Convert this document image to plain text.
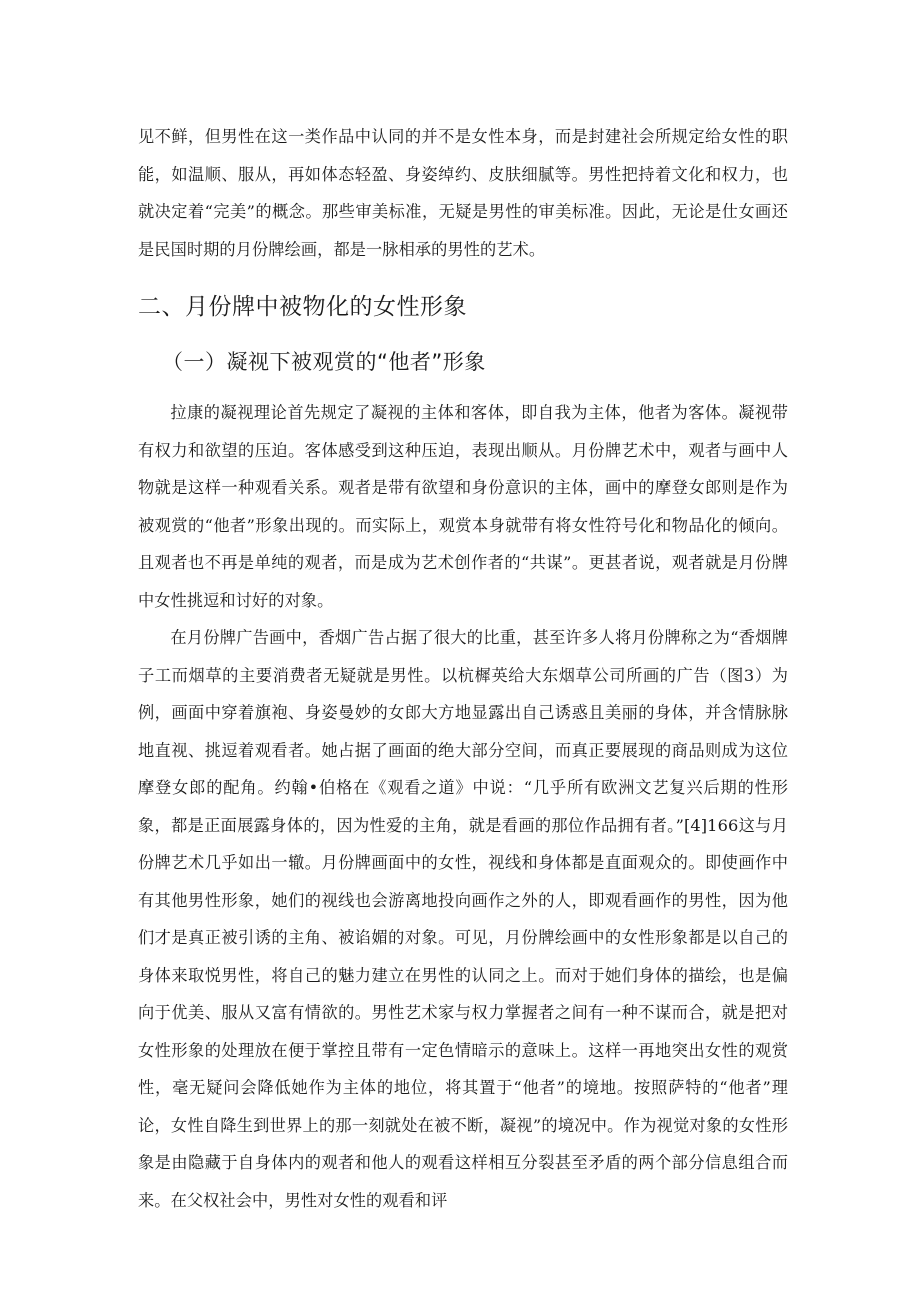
见不鲜，但男性在这一类作品中认同的并不是女性本身，而是封建社会所规定给女性的职能，如温顺、服从，再如体态轻盈、身姿绰约、皮肤细腻等。男性把持着文化和权力，也就决定着“完美”的概念。那些审美标准，无疑是男性的审美标准。因此，无论是仕女画还是民国时期的月份牌绘画，都是一脉相承的男性的艺术。

二、月份牌中被物化的女性形象
（一）凝视下被观赏的“他者”形象

拉康的凝视理论首先规定了凝视的主体和客体，即自我为主体，他者为客体。凝视带有权力和欲望的压迫。客体感受到这种压迫，表现出顺从。月份牌艺术中，观者与画中人物就是这样一种观看关系。观者是带有欲望和身份意识的主体，画中的摩登女郎则是作为被观赏的“他者”形象出现的。而实际上，观赏本身就带有将女性符号化和物品化的倾向。且观者也不再是单纯的观者，而是成为艺术创作者的“共谋”。更甚者说，观者就是月份牌中女性挑逗和讨好的对象。

在月份牌广告画中，香烟广告占据了很大的比重，甚至许多人将月份牌称之为“香烟牌子工而烟草的主要消费者无疑就是男性。以杭樨英给大东烟草公司所画的广告（图3）为例，画面中穿着旗袍、身姿曼妙的女郎大方地显露出自己诱惑且美丽的身体，并含情脉脉地直视、挑逗着观看者。她占据了画面的绝大部分空间，而真正要展现的商品则成为这位摩登女郎的配角。约翰•伯格在《观看之道》中说：“几乎所有欧洲文艺复兴后期的性形象，都是正面展露身体的，因为性爱的主角，就是看画的那位作品拥有者。”[4]166这与月份牌艺术几乎如出一辙。月份牌画面中的女性，视线和身体都是直面观众的。即使画作中有其他男性形象，她们的视线也会游离地投向画作之外的人，即观看画作的男性，因为他们才是真正被引诱的主角、被谄媚的对象。可见，月份牌绘画中的女性形象都是以自己的身体来取悦男性，将自己的魅力建立在男性的认同之上。而对于她们身体的描绘，也是偏向于优美、服从又富有情欲的。男性艺术家与权力掌握者之间有一种不谋而合，就是把对女性形象的处理放在便于掌控且带有一定色情暗示的意味上。这样一再地突出女性的观赏性，毫无疑问会降低她作为主体的地位，将其置于“他者”的境地。按照萨特的“他者”理论，女性自降生到世界上的那一刻就处在被不断，凝视”的境况中。作为视觉对象的女性形象是由隐藏于自身体内的观者和他人的观看这样相互分裂甚至矛盾的两个部分信息组合而来。在父权社会中，男性对女性的观看和评
